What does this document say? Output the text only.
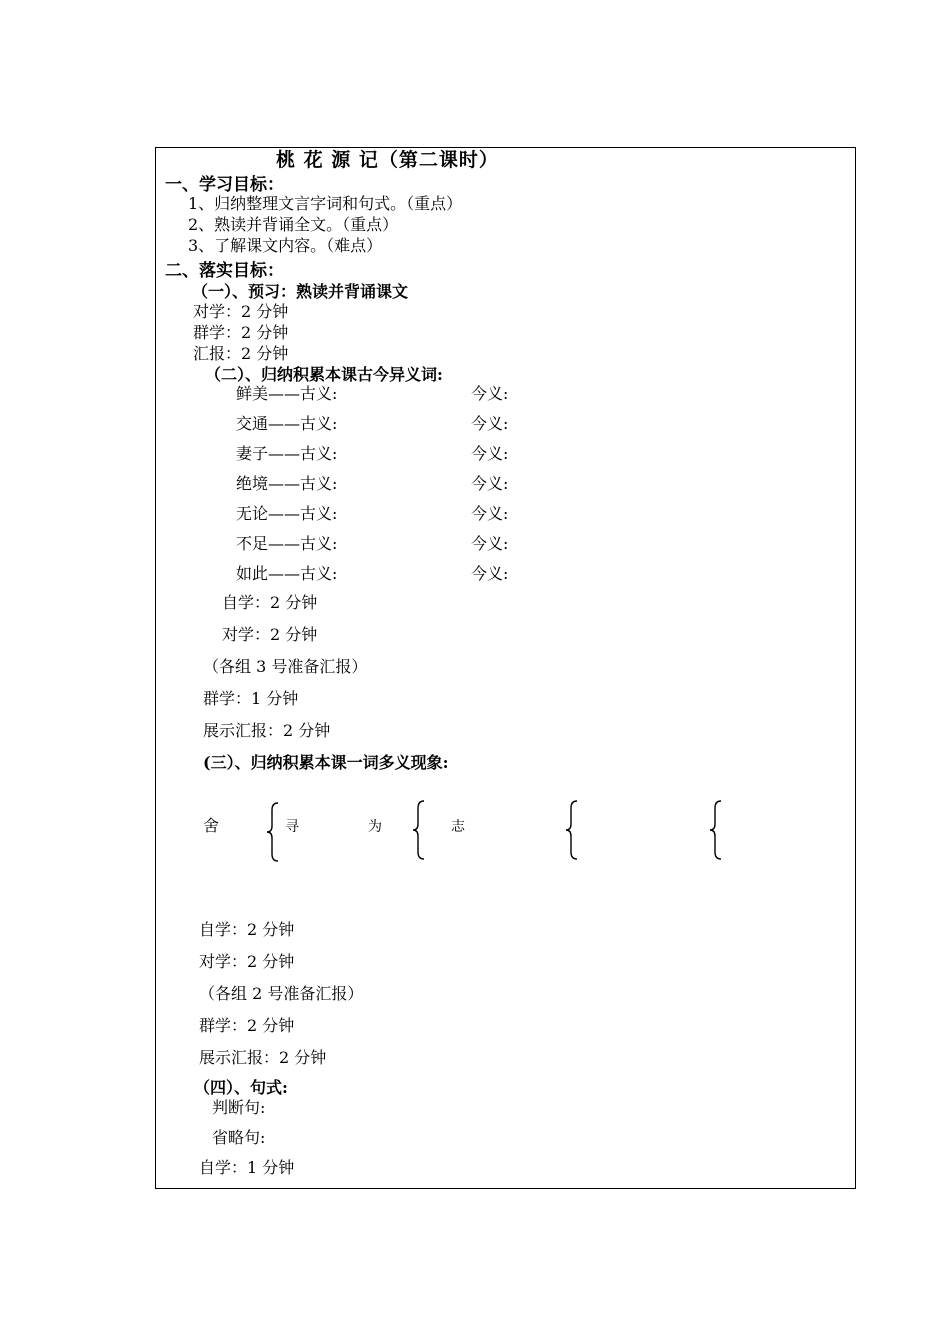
桃 花 源 记（第二课时）
一、学习目标：
1、归纳整理文言字词和句式。（重点）
2、熟读并背诵全文。（重点）
3、了解课文内容。（难点）
二、落实目标：
（一）、预习：熟读并背诵课文
对学：2 分钟
群学：2 分钟
汇报：2 分钟
（二）、归纳积累本课古今异义词:
鲜美——古义:	今义:
交通——古义:	今义:
妻子——古义:	今义:
绝境——古义:	今义:
无论——古义:	今义:
不足——古义:	今义:
如此——古义:	今义:
自学：2 分钟
对学：2 分钟
（各组 3 号准备汇报）
群学：1 分钟
展示汇报：2 分钟
(三）、归纳积累本课一词多义现象:
舍	寻	为	志
自学：2 分钟
对学：2 分钟
（各组 2 号准备汇报）
群学：2 分钟
展示汇报：2 分钟
（四）、句式:
判断句:
省略句:
自学：1 分钟
